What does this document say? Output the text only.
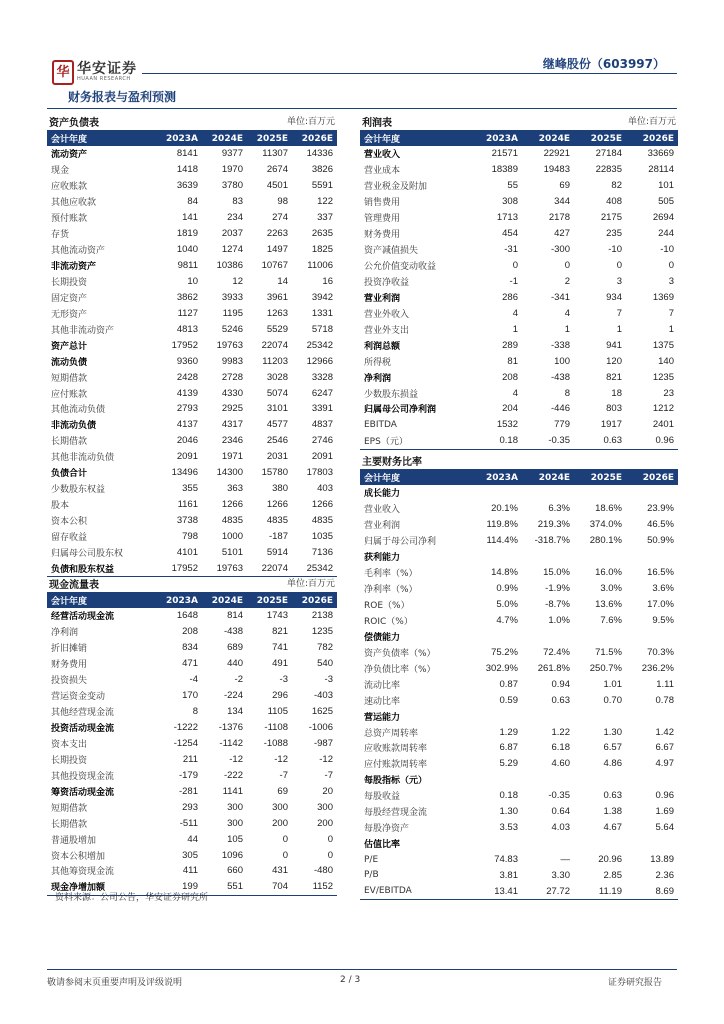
华 华安证券
HUAAN RESEARCH
继峰股份（603997）
财务报表与盈利预测
资产负债表	单位:百万元
会计年度	2023A	2024E	2025E	2026E
流动资产	8141	9377	11307	14336
现金	1418	1970	2674	3826
应收账款	3639	3780	4501	5591
其他应收款	84	83	98	122
预付账款	141	234	274	337
存货	1819	2037	2263	2635
其他流动资产	1040	1274	1497	1825
非流动资产	9811	10386	10767	11006
长期投资	10	12	14	16
固定资产	3862	3933	3961	3942
无形资产	1127	1195	1263	1331
其他非流动资产	4813	5246	5529	5718
资产总计	17952	19763	22074	25342
流动负债	9360	9983	11203	12966
短期借款	2428	2728	3028	3328
应付账款	4139	4330	5074	6247
其他流动负债	2793	2925	3101	3391
非流动负债	4137	4317	4577	4837
长期借款	2046	2346	2546	2746
其他非流动负债	2091	1971	2031	2091
负债合计	13496	14300	15780	17803
少数股东权益	355	363	380	403
股本	1161	1266	1266	1266
资本公积	3738	4835	4835	4835
留存收益	798	1000	-187	1035
归属母公司股东权	4101	5101	5914	7136
负债和股东权益	17952	19763	22074	25342
利润表	单位:百万元
会计年度	2023A	2024E	2025E	2026E
营业收入	21571	22921	27184	33669
营业成本	18389	19483	22835	28114
营业税金及附加	55	69	82	101
销售费用	308	344	408	505
管理费用	1713	2178	2175	2694
财务费用	454	427	235	244
资产减值损失	-31	-300	-10	-10
公允价值变动收益	0	0	0	0
投资净收益	-1	2	3	3
营业利润	286	-341	934	1369
营业外收入	4	4	7	7
营业外支出	1	1	1	1
利润总额	289	-338	941	1375
所得税	81	100	120	140
净利润	208	-438	821	1235
少数股东损益	4	8	18	23
归属母公司净利润	204	-446	803	1212
EBITDA	1532	779	1917	2401
EPS（元）	0.18	-0.35	0.63	0.96
主要财务比率
会计年度	2023A	2024E	2025E	2026E
成长能力				
营业收入	20.1%	6.3%	18.6%	23.9%
营业利润	119.8%	219.3%	374.0%	46.5%
归属于母公司净利	114.4%	-318.7%	280.1%	50.9%
获利能力				
毛利率（%）	14.8%	15.0%	16.0%	16.5%
净利率（%）	0.9%	-1.9%	3.0%	3.6%
ROE（%）	5.0%	-8.7%	13.6%	17.0%
ROIC（%）	4.7%	1.0%	7.6%	9.5%
偿债能力				
资产负债率（%）	75.2%	72.4%	71.5%	70.3%
净负债比率（%）	302.9%	261.8%	250.7%	236.2%
流动比率	0.87	0.94	1.01	1.11
速动比率	0.59	0.63	0.70	0.78
营运能力				
总资产周转率	1.29	1.22	1.30	1.42
应收账款周转率	6.87	6.18	6.57	6.67
应付账款周转率	5.29	4.60	4.86	4.97
每股指标（元）				
每股收益	0.18	-0.35	0.63	0.96
每股经营现金流	1.30	0.64	1.38	1.69
每股净资产	3.53	4.03	4.67	5.64
估值比率				
P/E	74.83	—	20.96	13.89
P/B	3.81	3.30	2.85	2.36
EV/EBITDA	13.41	27.72	11.19	8.69
现金流量表	单位:百万元
会计年度	2023A	2024E	2025E	2026E
经营活动现金流	1648	814	1743	2138
净利润	208	-438	821	1235
折旧摊销	834	689	741	782
财务费用	471	440	491	540
投资损失	-4	-2	-3	-3
营运资金变动	170	-224	296	-403
其他经营现金流	8	134	1105	1625
投资活动现金流	-1222	-1376	-1108	-1006
资本支出	-1254	-1142	-1088	-987
长期投资	211	-12	-12	-12
其他投资现金流	-179	-222	-7	-7
筹资活动现金流	-281	1141	69	20
短期借款	293	300	300	300
长期借款	-511	300	200	200
普通股增加	44	105	0	0
资本公积增加	305	1096	0	0
其他筹资现金流	411	660	431	-480
现金净增加额	199	551	704	1152
资料来源：公司公告，华安证券研究所
敬请参阅末页重要声明及评级说明	2 / 3	证券研究报告
